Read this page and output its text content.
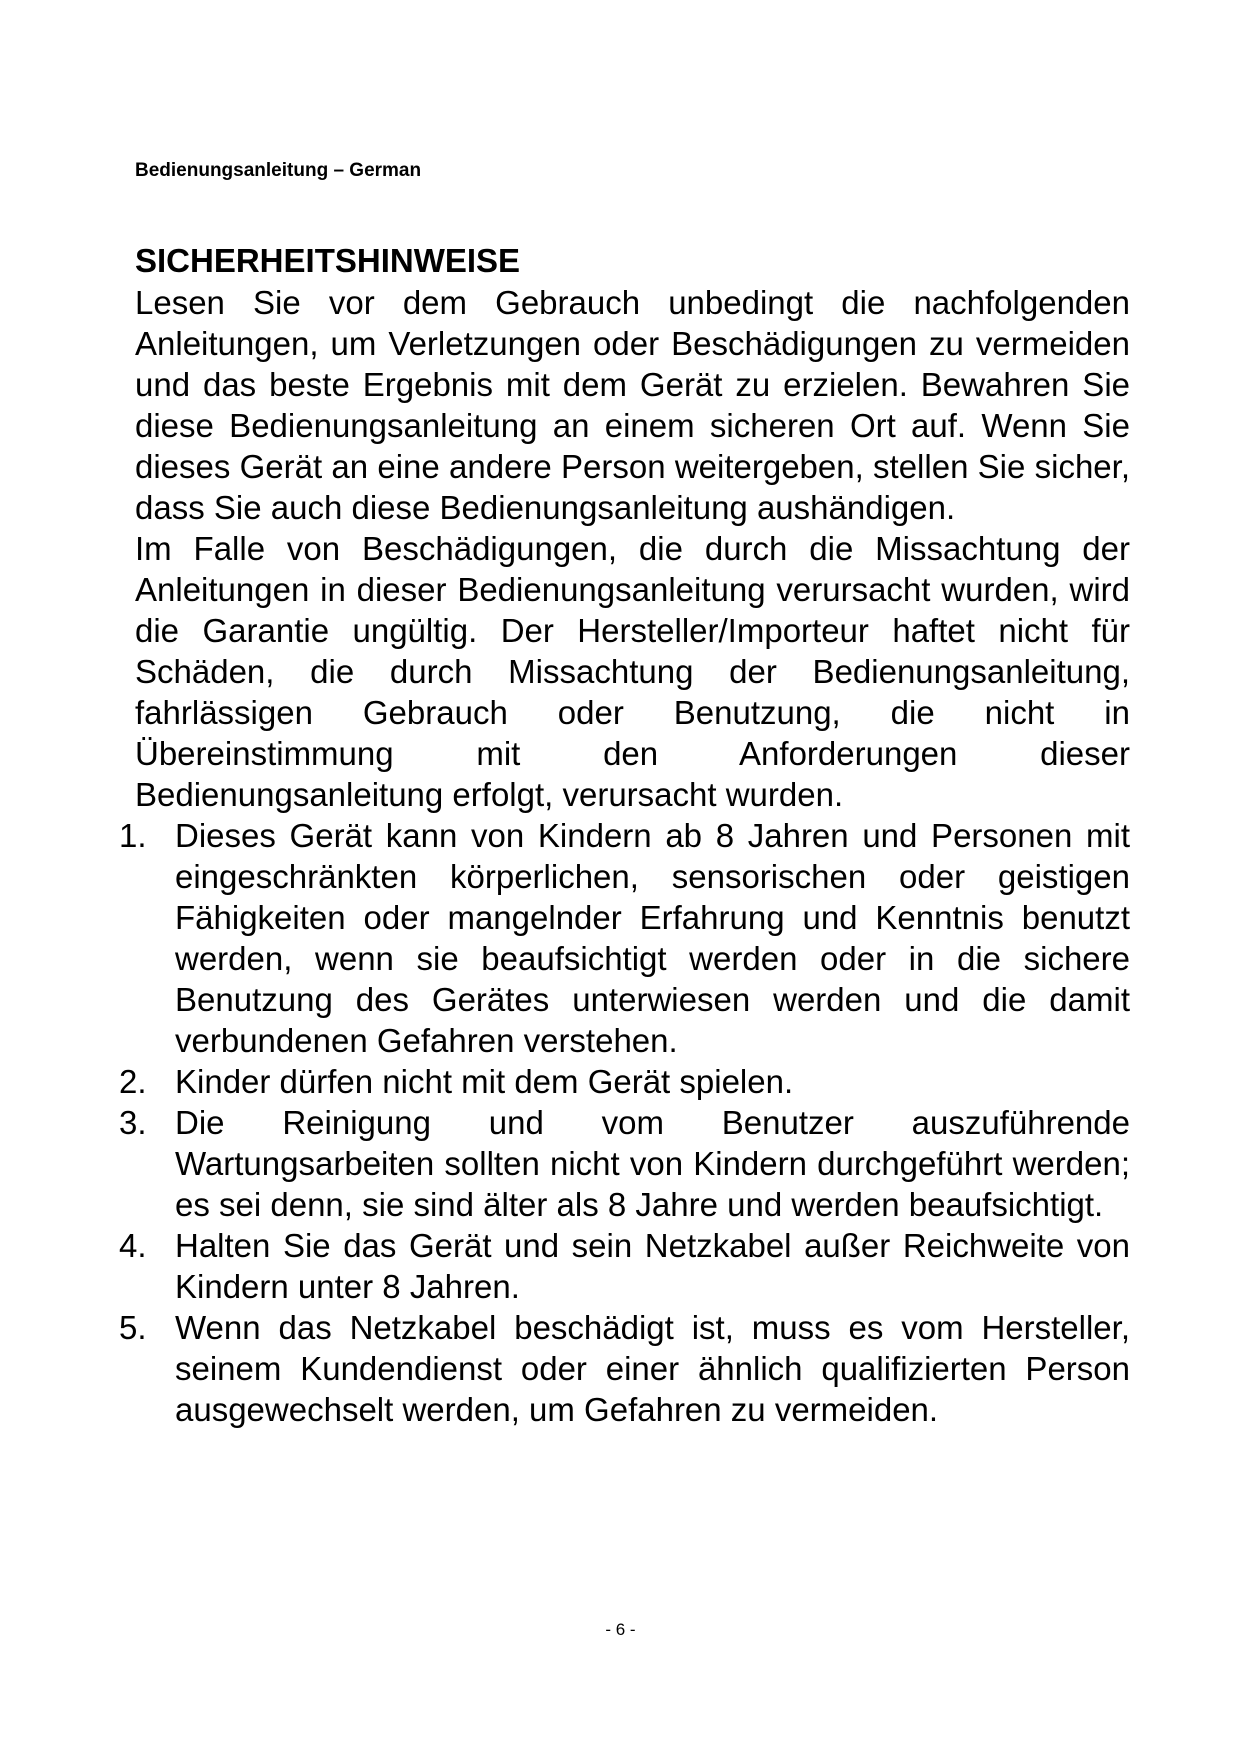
Bedienungsanleitung – German
SICHERHEITSHINWEISE

Lesen Sie vor dem Gebrauch unbedingt die nachfolgenden Anleitungen, um Verletzungen oder Beschädigungen zu vermeiden und das beste Ergebnis mit dem Gerät zu erzielen. Bewahren Sie diese Bedienungsanleitung an einem sicheren Ort auf. Wenn Sie dieses Gerät an eine andere Person weitergeben, stellen Sie sicher, dass Sie auch diese Bedienungsanleitung aushändigen.

Im Falle von Beschädigungen, die durch die Missachtung der Anleitungen in dieser Bedienungsanleitung verursacht wurden, wird die Garantie ungültig. Der Hersteller/Importeur haftet nicht für Schäden, die durch Missachtung der Bedienungsanleitung, fahrlässigen Gebrauch oder Benutzung, die nicht in Übereinstimmung mit den Anforderungen dieser Bedienungsanleitung erfolgt, verursacht wurden.

1. Dieses Gerät kann von Kindern ab 8 Jahren und Personen mit eingeschränkten körperlichen, sensorischen oder geistigen Fähigkeiten oder mangelnder Erfahrung und Kenntnis benutzt werden, wenn sie beaufsichtigt werden oder in die sichere Benutzung des Gerätes unterwiesen werden und die damit verbundenen Gefahren verstehen.
2. Kinder dürfen nicht mit dem Gerät spielen.
3. Die Reinigung und vom Benutzer auszuführende Wartungsarbeiten sollten nicht von Kindern durchgeführt werden; es sei denn, sie sind älter als 8 Jahre und werden beaufsichtigt.
4. Halten Sie das Gerät und sein Netzkabel außer Reichweite von Kindern unter 8 Jahren.
5. Wenn das Netzkabel beschädigt ist, muss es vom Hersteller, seinem Kundendienst oder einer ähnlich qualifizierten Person ausgewechselt werden, um Gefahren zu vermeiden.
- 6 -
